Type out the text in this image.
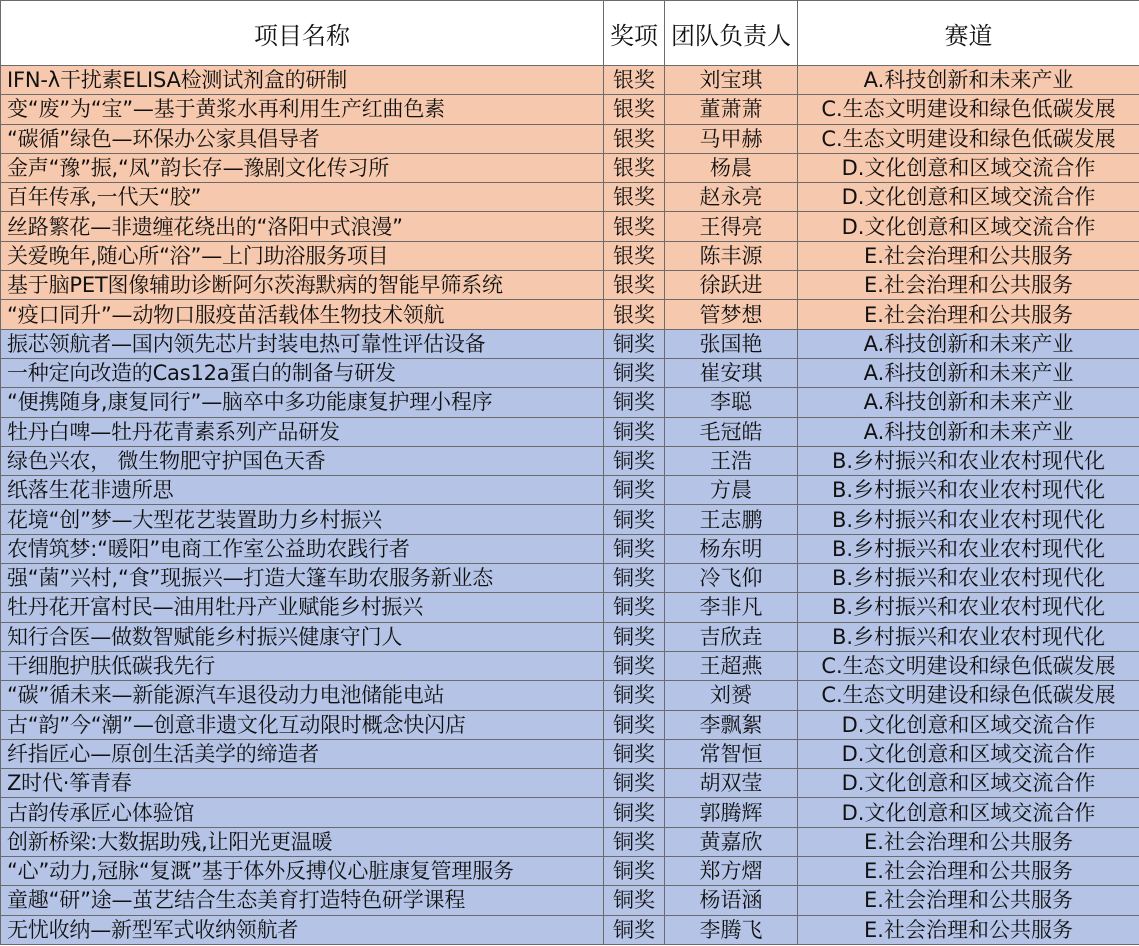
项目名称	奖项	团队负责人	赛道
IFN-λ干扰素ELISA检测试剂盒的研制	银奖	刘宝琪	A.科技创新和未来产业
变“废”为“宝”—基于黄浆水再利用生产红曲色素	银奖	董萧萧	C.生态文明建设和绿色低碳发展
“碳循”绿色—环保办公家具倡导者	银奖	马甲赫	C.生态文明建设和绿色低碳发展
金声“豫”振,“凤”韵长存—豫剧文化传习所	银奖	杨晨	D.文化创意和区域交流合作
百年传承,一代天“胶”	银奖	赵永亮	D.文化创意和区域交流合作
丝路繁花—非遗缠花绕出的“洛阳中式浪漫”	银奖	王得亮	D.文化创意和区域交流合作
关爱晚年,随心所“浴”—上门助浴服务项目	银奖	陈丰源	E.社会治理和公共服务
基于脑PET图像辅助诊断阿尔茨海默病的智能早筛系统	银奖	徐跃进	E.社会治理和公共服务
“疫口同升”—动物口服疫苗活载体生物技术领航	银奖	管梦想	E.社会治理和公共服务
振芯领航者—国内领先芯片封装电热可靠性评估设备	铜奖	张国艳	A.科技创新和未来产业
一种定向改造的Cas12a蛋白的制备与研发	铜奖	崔安琪	A.科技创新和未来产业
“便携随身,康复同行”—脑卒中多功能康复护理小程序	铜奖	李聪	A.科技创新和未来产业
牡丹白啤—牡丹花青素系列产品研发	铜奖	毛冠皓	A.科技创新和未来产业
绿色兴农， 微生物肥守护国色天香	铜奖	王浩	B.乡村振兴和农业农村现代化
纸落生花非遗所思	铜奖	方晨	B.乡村振兴和农业农村现代化
花境“创”梦—大型花艺装置助力乡村振兴	铜奖	王志鹏	B.乡村振兴和农业农村现代化
农情筑梦:“暖阳”电商工作室公益助农践行者	铜奖	杨东明	B.乡村振兴和农业农村现代化
强“菌”兴村,“食”现振兴—打造大篷车助农服务新业态	铜奖	冷飞仰	B.乡村振兴和农业农村现代化
牡丹花开富村民—油用牡丹产业赋能乡村振兴	铜奖	李非凡	B.乡村振兴和农业农村现代化
知行合医—做数智赋能乡村振兴健康守门人	铜奖	吉欣垚	B.乡村振兴和农业农村现代化
干细胞护肤低碳我先行	铜奖	王超燕	C.生态文明建设和绿色低碳发展
“碳”循未来—新能源汽车退役动力电池储能电站	铜奖	刘赟	C.生态文明建设和绿色低碳发展
古“韵”今“潮”—创意非遗文化互动限时概念快闪店	铜奖	李飘絮	D.文化创意和区域交流合作
纤指匠心—原创生活美学的缔造者	铜奖	常智恒	D.文化创意和区域交流合作
Z时代·筝青春	铜奖	胡双莹	D.文化创意和区域交流合作
古韵传承匠心体验馆	铜奖	郭腾辉	D.文化创意和区域交流合作
创新桥梁:大数据助残,让阳光更温暖	铜奖	黄嘉欣	E.社会治理和公共服务
“心”动力,冠脉“复溉”基于体外反搏仪心脏康复管理服务	铜奖	郑方熠	E.社会治理和公共服务
童趣“研”途—茧艺结合生态美育打造特色研学课程	铜奖	杨语涵	E.社会治理和公共服务
无忧收纳—新型军式收纳领航者	铜奖	李腾飞	E.社会治理和公共服务
